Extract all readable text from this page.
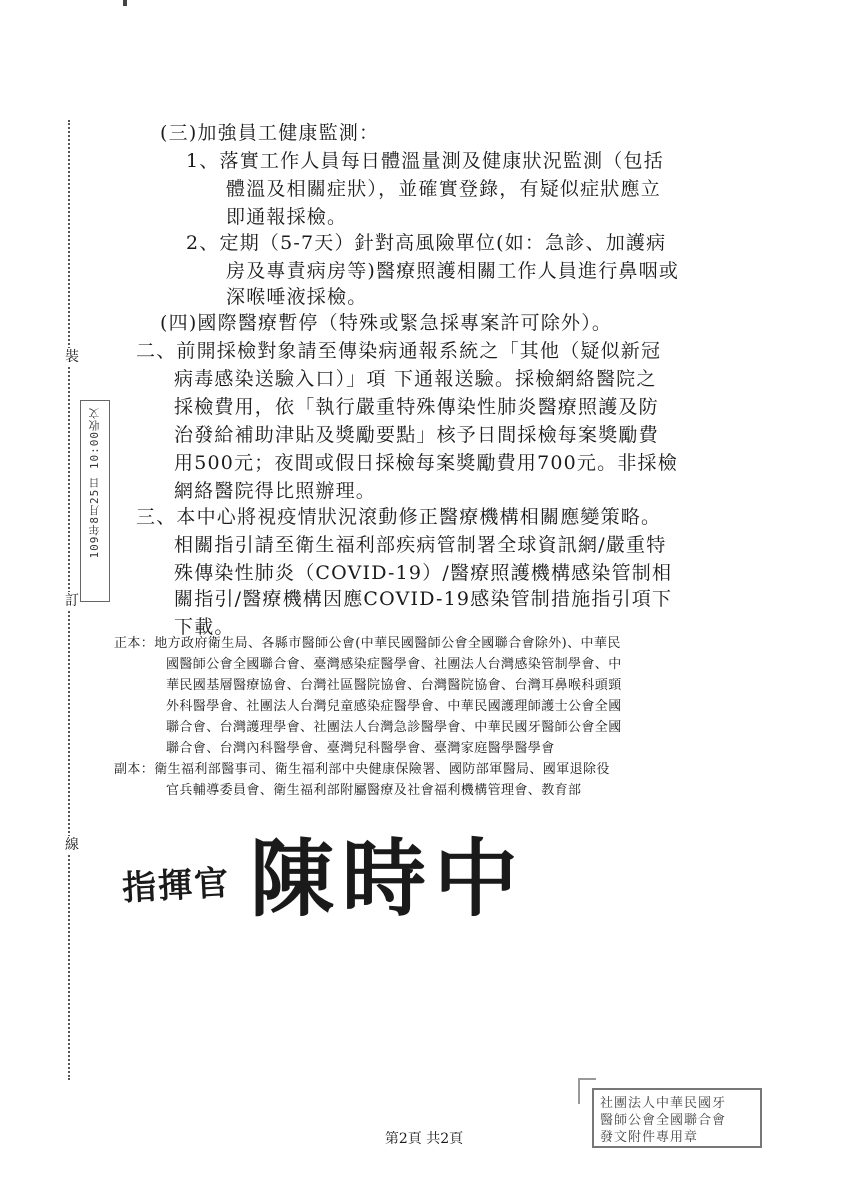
裝
訂
線
109年8月25日 10:00收文
(三)加強員工健康監測：
1、落實工作人員每日體溫量測及健康狀況監測（包括
體溫及相關症狀），並確實登錄，有疑似症狀應立
即通報採檢。
2、定期（5-7天）針對高風險單位(如：急診、加護病
房及專責病房等)醫療照護相關工作人員進行鼻咽或
深喉唾液採檢。
(四)國際醫療暫停（特殊或緊急採專案許可除外）。
二、前開採檢對象請至傳染病通報系統之「其他（疑似新冠
病毒感染送驗入口）」項 下通報送驗。採檢網絡醫院之
採檢費用，依「執行嚴重特殊傳染性肺炎醫療照護及防
治發給補助津貼及獎勵要點」核予日間採檢每案獎勵費
用500元；夜間或假日採檢每案獎勵費用700元。非採檢
網絡醫院得比照辦理。
三、本中心將視疫情狀況滾動修正醫療機構相關應變策略。
相關指引請至衛生福利部疾病管制署全球資訊網/嚴重特
殊傳染性肺炎（COVID-19）/醫療照護機構感染管制相
關指引/醫療機構因應COVID-19感染管制措施指引項下
下載。
正本：地方政府衛生局、各縣市醫師公會(中華民國醫師公會全國聯合會除外)、中華民
國醫師公會全國聯合會、臺灣感染症醫學會、社團法人台灣感染管制學會、中
華民國基層醫療協會、台灣社區醫院協會、台灣醫院協會、台灣耳鼻喉科頭頸
外科醫學會、社團法人台灣兒童感染症醫學會、中華民國護理師護士公會全國
聯合會、台灣護理學會、社團法人台灣急診醫學會、中華民國牙醫師公會全國
聯合會、台灣內科醫學會、臺灣兒科醫學會、臺灣家庭醫學醫學會
副本：衛生福利部醫事司、衛生福利部中央健康保險署、國防部軍醫局、國軍退除役
官兵輔導委員會、衛生福利部附屬醫療及社會福利機構管理會、教育部
指揮官 陳時中
社團法人中華民國牙
醫師公會全國聯合會
發文附件專用章
第2頁 共2頁
